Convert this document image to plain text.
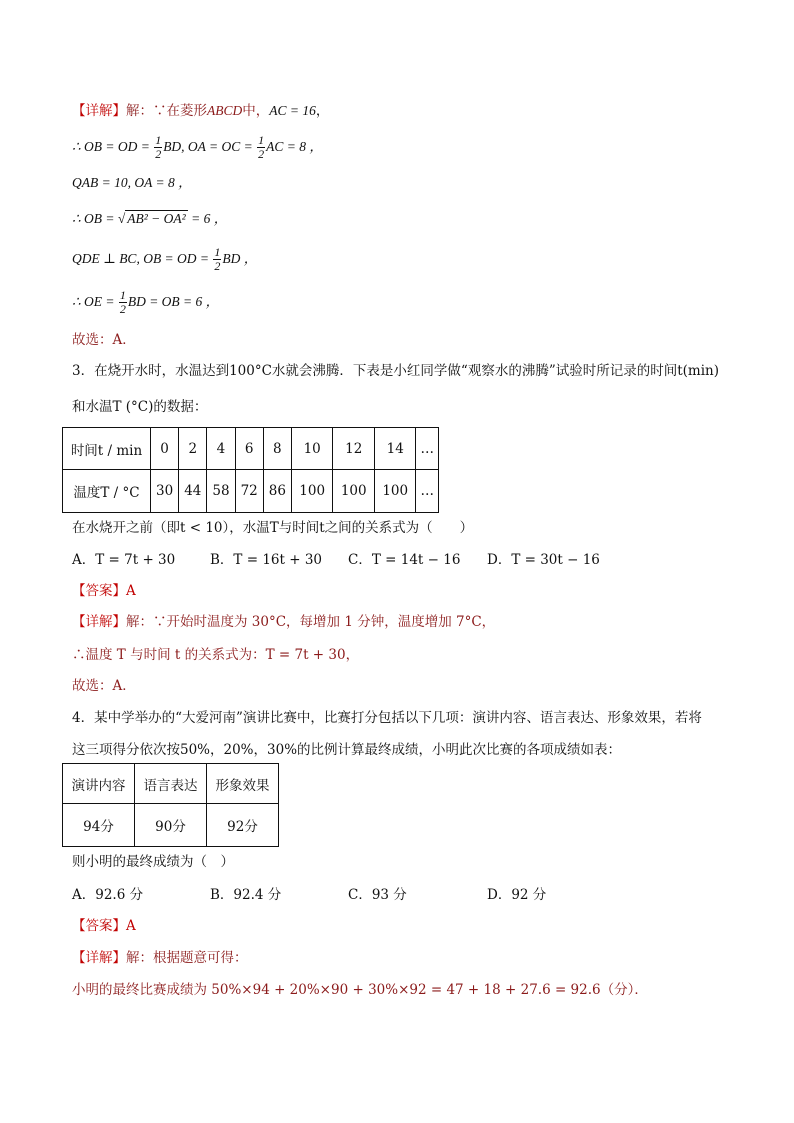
【详解】解：∵在菱形ABCD中，AC = 16，
∴ OB = OD = $\frac{1}{2}$ BD, OA = OC = $\frac{1}{2}$ AC = 8 ，
QAB = 10, OA = 8 ，
∴ OB = √ AB² − OA² = 6 ，
QDE ⊥ BC, OB = OD = $\frac{1}{2}$ BD ，
∴ OE = $\frac{1}{2}$ BD = OB = 6 ，
故选：A．
3．在烧开水时，水温达到100°C水就会沸腾．下表是小红同学做“观察水的沸腾”试验时所记录的时间t(min)
和水温T (°C)的数据：
时间t / min	0	2	4	6	8	10	12	14	…
温度T / °C	30	44	58	72	86	100	100	100	…
在水烧开之前（即t < 10），水温T与时间t之间的关系式为（　　）
A．T = 7t + 30	B．T = 16t + 30 C．T = 14t − 16 D．T = 30t − 16
【答案】A
【详解】解：∵开始时温度为 30°C，每增加 1 分钟，温度增加 7°C，
∴温度 T 与时间 t 的关系式为：T = 7t + 30，
故选：A．
4．某中学举办的“大爱河南”演讲比赛中，比赛打分包括以下几项：演讲内容、语言表达、形象效果，若将
这三项得分依次按50%，20%，30%的比例计算最终成绩，小明此次比赛的各项成绩如表：
演讲内容	语言表达	形象效果
94分	90分	92分
则小明的最终成绩为（　）
A．92.6 分	B．92.4 分	C．93 分	D．92 分
【答案】A
【详解】解：根据题意可得：
小明的最终比赛成绩为 50%×94 + 20%×90 + 30%×92 = 47 + 18 + 27.6 = 92.6（分）．
